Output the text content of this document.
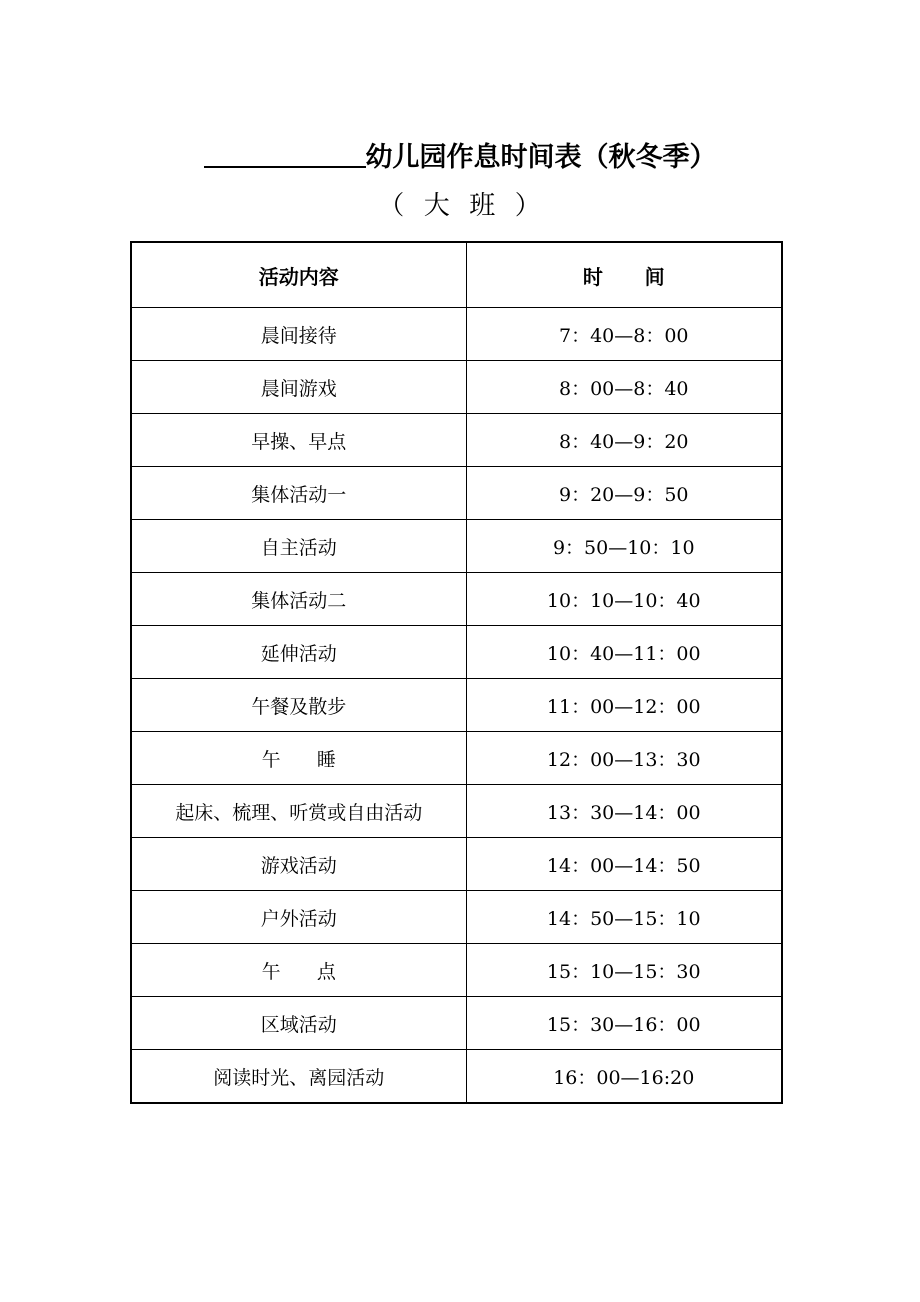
幼儿园作息时间表（秋冬季）
（  大  班  ）
活动内容	时      间
晨间接待	7：40—8：00
晨间游戏	8：00—8：40
早操、早点	8：40—9：20
集体活动一	9：20—9：50
自主活动	9：50—10：10
集体活动二	10：10—10：40
延伸活动	10：40—11：00
午餐及散步	11：00—12：00
午      睡	12：00—13：30
起床、梳理、听赏或自由活动	13：30—14：00
游戏活动	14：00—14：50
户外活动	14：50—15：10
午      点	15：10—15：30
区域活动	15：30—16：00
阅读时光、离园活动	16：00—16:20
